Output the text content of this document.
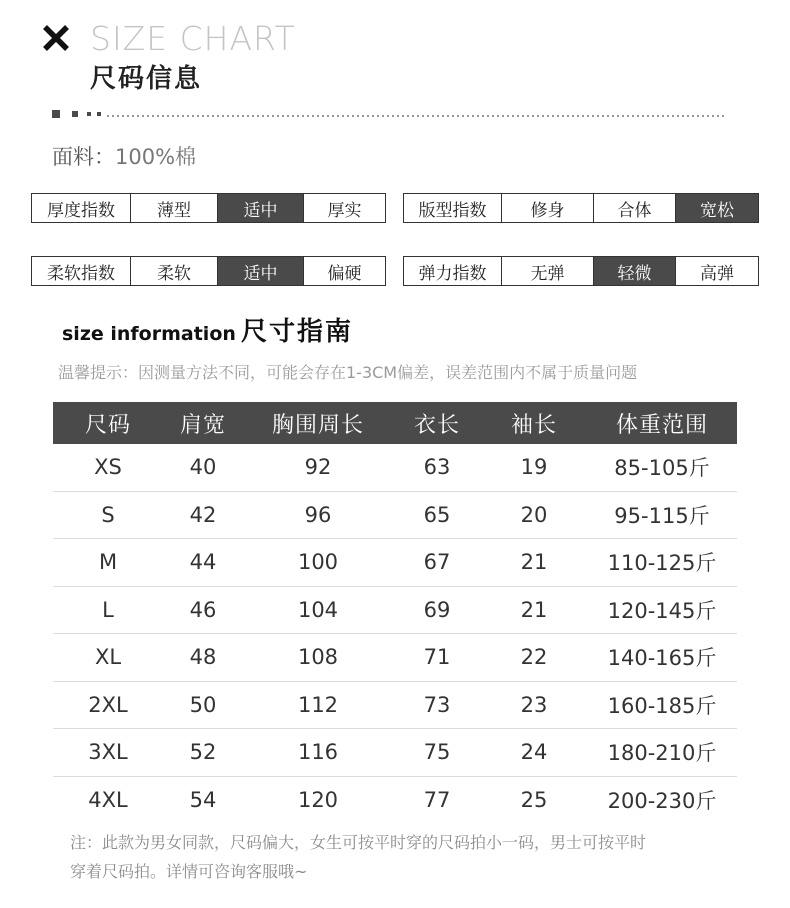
SIZE CHART
尺码信息
面料：100%棉
厚度指数	薄型	适中	厚实	版型指数	修身	合体	宽松
柔软指数	柔软	适中	偏硬	弹力指数	无弹	轻微	高弹
size information 尺寸指南
温馨提示：因测量方法不同，可能会存在1-3CM偏差，误差范围内不属于质量问题
尺码	肩宽	胸围周长	衣长	袖长	体重范围
XS	40	92	63	19	85-105斤
S	42	96	65	20	95-115斤
M	44	100	67	21	110-125斤
L	46	104	69	21	120-145斤
XL	48	108	71	22	140-165斤
2XL	50	112	73	23	160-185斤
3XL	52	116	75	24	180-210斤
4XL	54	120	77	25	200-230斤
注：此款为男女同款，尺码偏大，女生可按平时穿的尺码拍小一码，男士可按平时
穿着尺码拍。详情可咨询客服哦~
